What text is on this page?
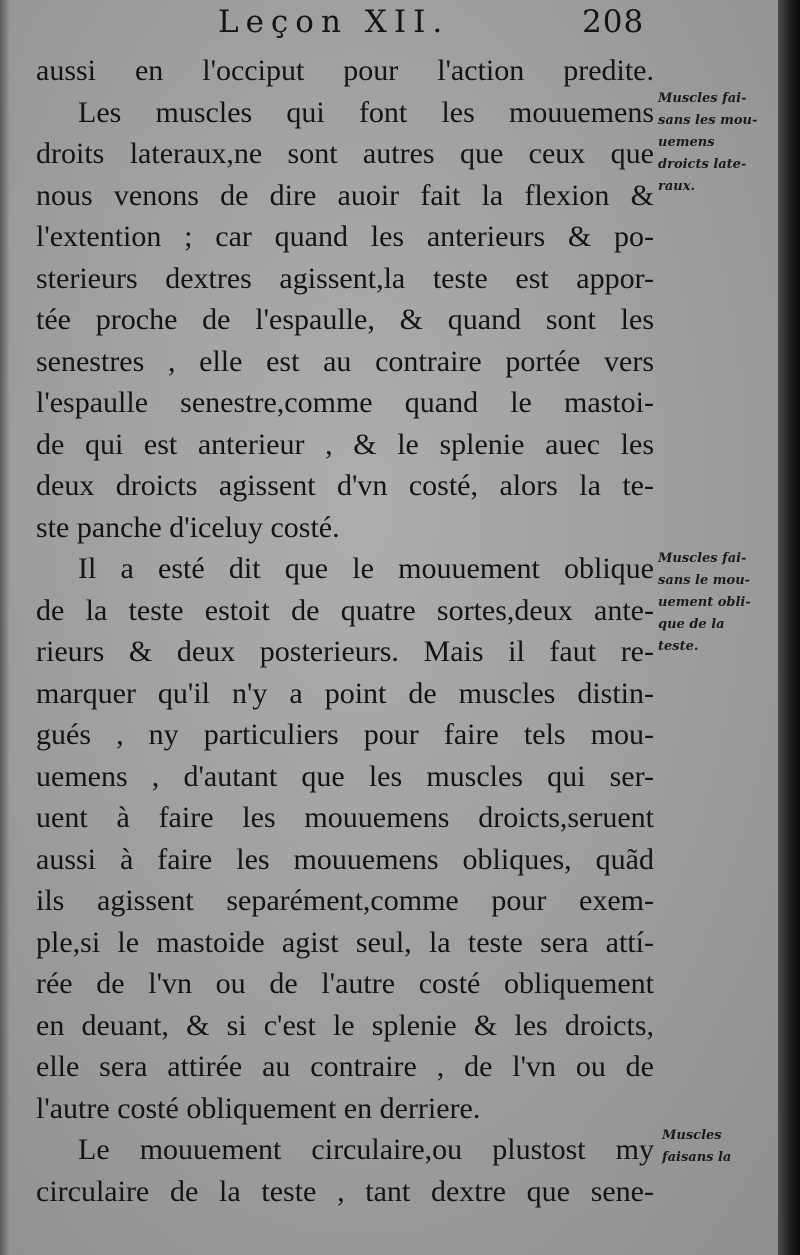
Leçon XII.	208
aussi en l'occiput pour l'action predite.
Les muscles qui font les mouuemens
droits lateraux,ne sont autres que ceux que
nous venons de dire auoir fait la flexion &
l'extention ; car quand les anterieurs & po-
sterieurs dextres agissent,la teste est appor-
tée proche de l'espaulle, & quand sont les
senestres , elle est au contraire portée vers
l'espaulle senestre,comme quand le mastoi-
de qui est anterieur , & le splenie auec les
deux droicts agissent d'vn costé, alors la te-
ste panche d'iceluy costé.
Il a esté dit que le mouuement oblique
de la teste estoit de quatre sortes,deux ante-
rieurs & deux posterieurs. Mais il faut re-
marquer qu'il n'y a point de muscles distin-
gués , ny particuliers pour faire tels mou-
uemens , d'autant que les muscles qui ser-
uent à faire les mouuemens droicts,seruent
aussi à faire les mouuemens obliques, quãd
ils agissent separément,comme pour exem-
ple,si le mastoide agist seul, la teste sera attí-
rée de l'vn ou de l'autre costé obliquement
en deuant, & si c'est le splenie & les droicts,
elle sera attirée au contraire , de l'vn ou de
l'autre costé obliquement en derriere.
Le mouuement circulaire,ou plustost my
circulaire de la teste , tant dextre que sene-
Muscles fai-
sans les mou-
uemens
droicts late-
raux.
Muscles fai-
sans le mou-
uement obli-
que de la
teste.
Muscles
faisans la
